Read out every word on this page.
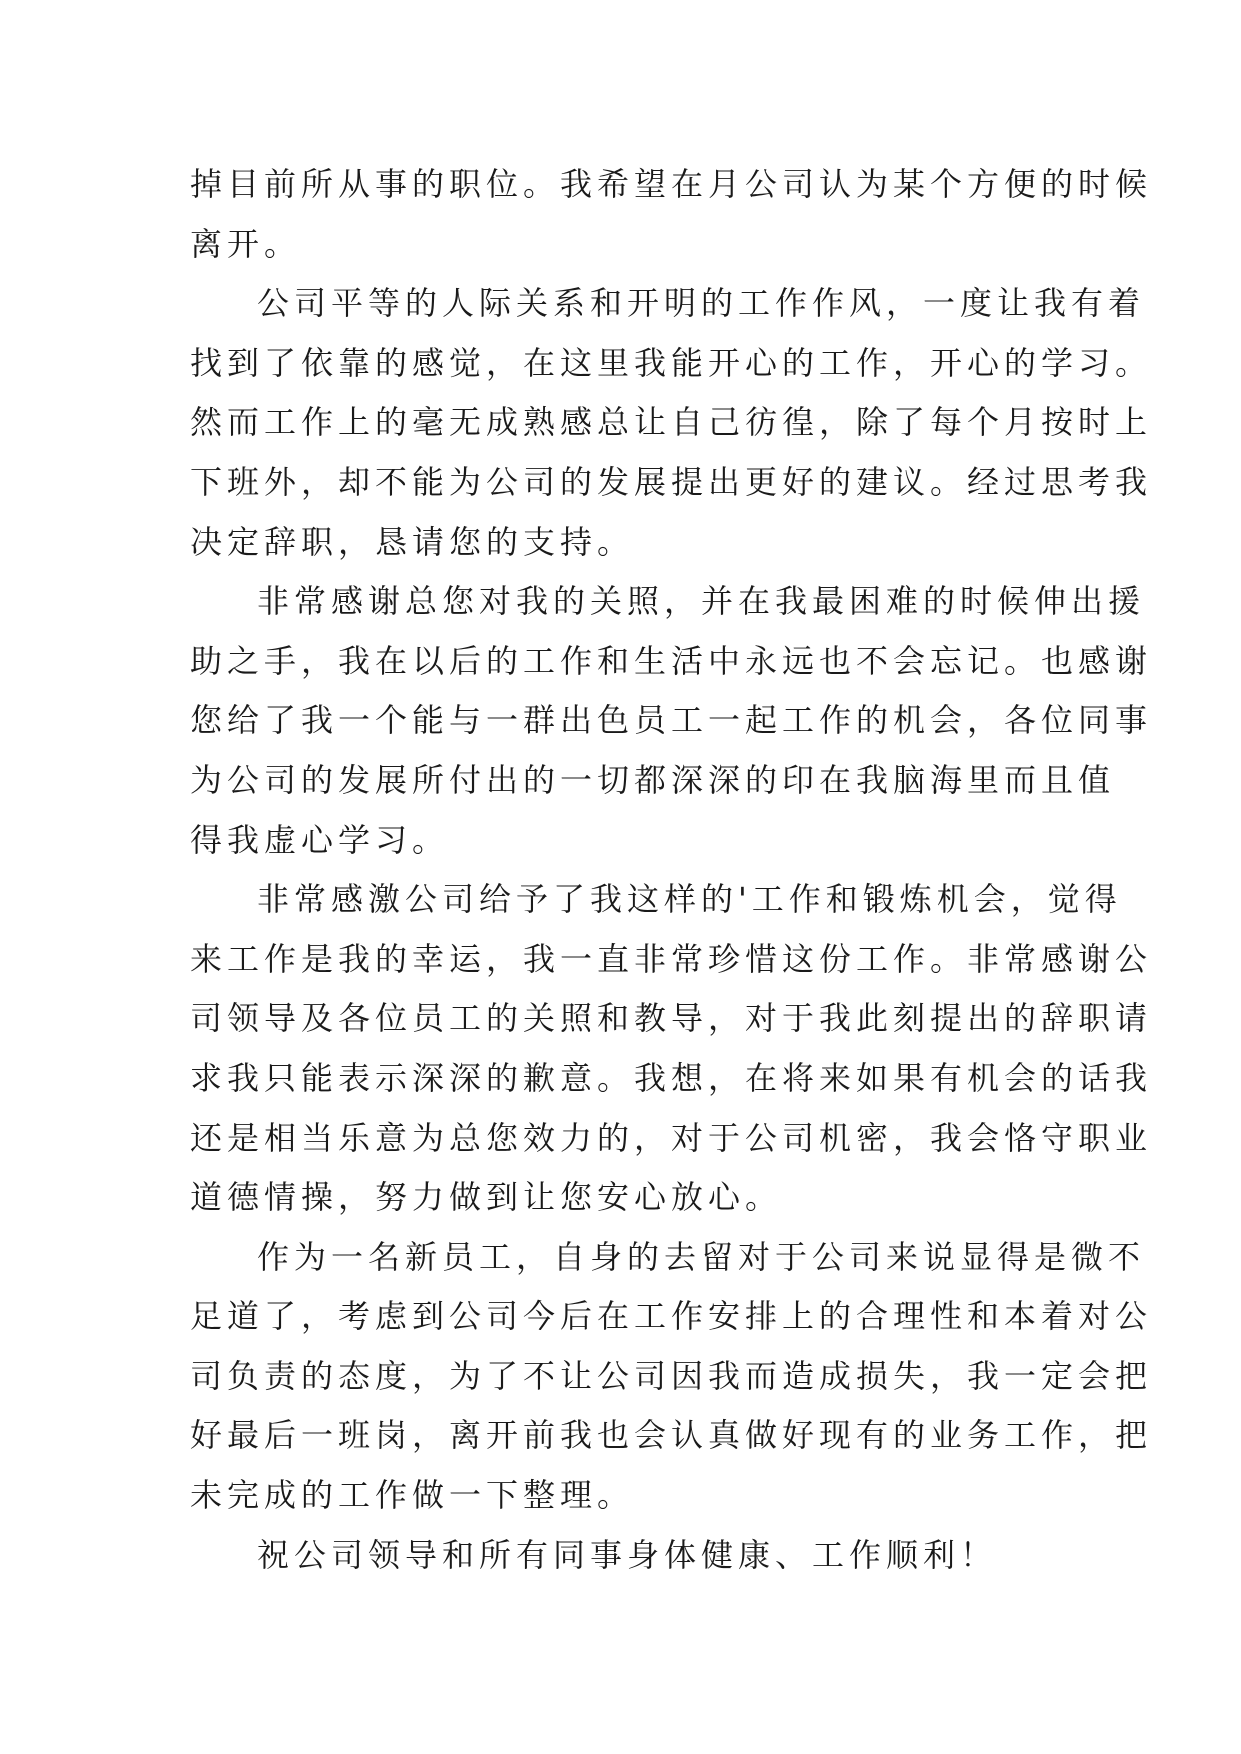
掉目前所从事的职位。我希望在月公司认为某个方便的时候
离开。
公司平等的人际关系和开明的工作作风，一度让我有着
找到了依靠的感觉，在这里我能开心的工作，开心的学习。
然而工作上的毫无成熟感总让自己彷徨，除了每个月按时上
下班外，却不能为公司的发展提出更好的建议。经过思考我
决定辞职，恳请您的支持。
非常感谢总您对我的关照，并在我最困难的时候伸出援
助之手，我在以后的工作和生活中永远也不会忘记。也感谢
您给了我一个能与一群出色员工一起工作的机会，各位同事
为公司的发展所付出的一切都深深的印在我脑海里而且值
得我虚心学习。
非常感激公司给予了我这样的'工作和锻炼机会，觉得
来工作是我的幸运，我一直非常珍惜这份工作。非常感谢公
司领导及各位员工的关照和教导，对于我此刻提出的辞职请
求我只能表示深深的歉意。我想，在将来如果有机会的话我
还是相当乐意为总您效力的，对于公司机密，我会恪守职业
道德情操，努力做到让您安心放心。
作为一名新员工，自身的去留对于公司来说显得是微不
足道了，考虑到公司今后在工作安排上的合理性和本着对公
司负责的态度，为了不让公司因我而造成损失，我一定会把
好最后一班岗，离开前我也会认真做好现有的业务工作，把
未完成的工作做一下整理。
祝公司领导和所有同事身体健康、工作顺利！
